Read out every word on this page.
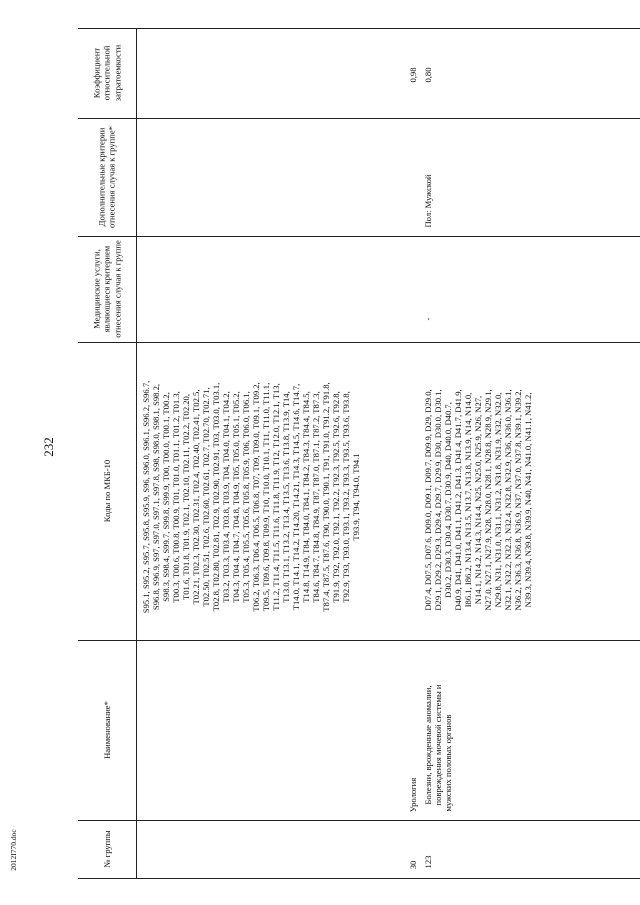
232
2012I770.doc
Коэффициент относительной затратоемкости
Дополнительные критерии отнесения случая к группе*
Медицинские услуги, являющиеся критерием отнесения случая к группе
Коды по МКБ-10
Наименование*
№ группы
S95.1, S95.2, S95.7, S95.8, S95.9, S96, S96.0, S96.1, S96.2, S96.7, S96.8, S96.9, S97, S97.0, S97.1, S97.8, S98, S98.0, S98.1, S98.2, S98.3, S98.4, S99.7, S99.8, S99.9, T00, T00.0, T00.1, T00.2, T00.3, T00.6, T00.8, T00.9, T01, T01.0, T01.1, T01.2, T01.3, T01.6, T01.8, T01.9, T02.1, T02.10, T02.11, T02.2, T02.20, T02.21, T02.3, T02.30, T02.31, T02.4, T02.40, T02.41, T02.5, T02.50, T02.51, T02.6, T02.60, T02.61, T02.7, T02.70, T02.71, T02.8, T02.80, T02.81, T02.9, T02.90, T02.91, T03, T03.0, T03.1, T03.2, T03.3, T03.4, T03.8, T03.9, T04, T04.0, T04.1, T04.2, T04.3, T04.4, T04.7, T04.8, T04.9, T05, T05.0, T05.1, T05.2, T05.3, T05.4, T05.5, T05.6, T05.8, T05.9, T06, T06.0, T06.1, T06.2, T06.3, T06.4, T06.5, T06.8, T07, T09, T09.0, T09.1, T09.2, T09.5, T09.6, T09.8, T09.9, T10, T10.0, T10.1, T11, T11.0, T11.1, T11.2, T11.4, T11.5, T11.6, T11.8, T11.9, T12, T12.0, T12.1, T13, T13.0, T13.1, T13.2, T13.4, T13.5, T13.6, T13.8, T13.9, T14, T14.0, T14.1, T14.2, T14.20, T14.21, T14.3, T14.5, T14.6, T14.7, T14.8, T14.9, T84, T84.0, T84.1, T84.2, T84.3, T84.4, T84.5, T84.6, T84.7, T84.8, T84.9, T87, T87.0, T87.1, T87.2, T87.3, T87.4, T87.5, T87.6, T90, T90.0, T90.1, T91, T91.0, T91.2, T91.8, T91.9, T92, T92.0, T92.1, T92.2, T92.3, T92.5, T92.6, T92.8, T92.9, T93, T93.0, T93.1, T93.2, T93.3, T93.5, T93.6, T93.8, T93.9, T94, T94.0, T94.1
30
Урология
0,98
123
Болезни, врожденные аномалии, повреждения мочевой системы и мужских половых органов
D07.4, D07.5, D07.6, D09.0, D09.1, D09.7, D09.9, D29, D29.0, D29.1, D29.2, D29.3, D29.4, D29.7, D29.9, D30, D30.0, D30.1, D30.2, D30.3, D30.4, D30.7, D30.9, D40, D40.0, D40.7, D40.9, D41, D41.0, D41.1, D41.2, D41.3, D41.4, D41.7, D41.9, I86.1, I86.2, N13.4, N13.5, N13.7, N13.8, N13.9, N14, N14.0, N14.1, N14.2, N14.3, N14.4, N25, N25.0, N25.9, N26, N27, N27.0, N27.1, N27.9, N28, N28.0, N28.1, N28.8, N28.9, N29.1, N29.8, N31, N31.0, N31.1, N31.2, N31.8, N31.9, N32, N32.0, N32.1, N32.2, N32.3, N32.4, N32.8, N32.9, N36, N36.0, N36.1, N36.2, N36.3, N36.8, N36.9, N37, N37.0, N37.8, N39.1, N39.2, N39.3, N39.4, N39.8, N39.9, N40, N41, N41.0, N41.1, N41.2,
-
Пол: Мужской
0,80
